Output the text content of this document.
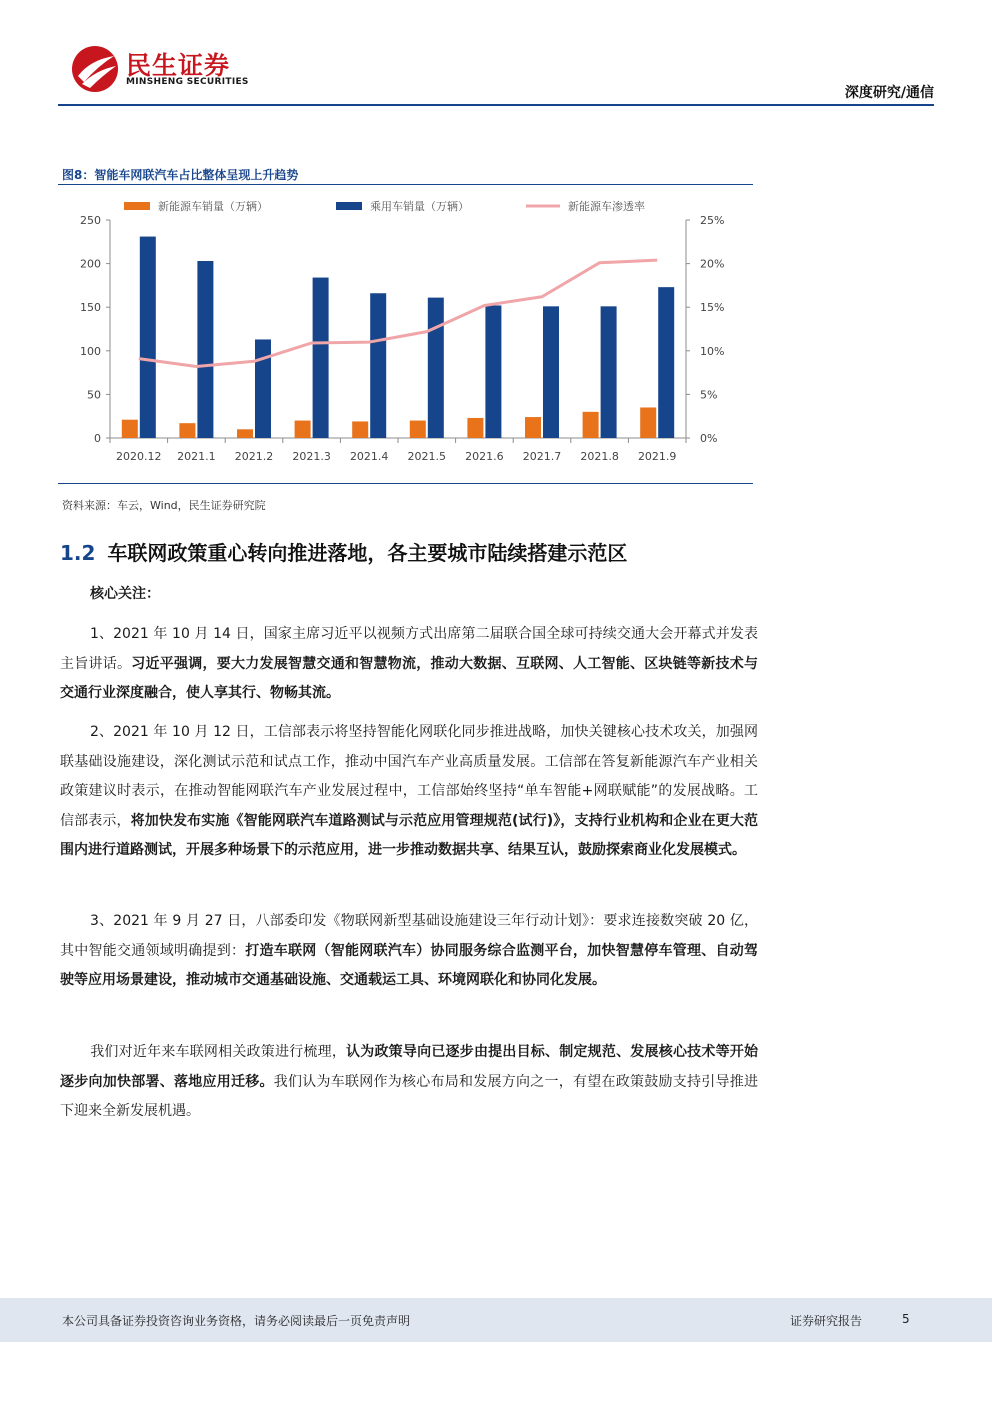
民生证券
MINSHENG SECURITIES
深度研究/通信
图8：智能车网联汽车占比整体呈现上升趋势
新能源车销量（万辆）	乘用车销量（万辆）	新能源车渗透率
0
50
100
150
200
250
0%
5%
10%
15%
20%
25%
2020.12 2021.1 2021.2 2021.3 2021.4 2021.5 2021.6 2021.7 2021.8 2021.9
资料来源：车云，Wind，民生证券研究院
1.2 车联网政策重心转向推进落地，各主要城市陆续搭建示范区

核心关注：

1、2021 年 10 月 14 日，国家主席习近平以视频方式出席第二届联合国全球可持续交通大会开幕式并发表主旨讲话。习近平强调，要大力发展智慧交通和智慧物流，推动大数据、互联网、人工智能、区块链等新技术与交通行业深度融合，使人享其行、物畅其流。

2、2021 年 10 月 12 日，工信部表示将坚持智能化网联化同步推进战略，加快关键核心技术攻关，加强网联基础设施建设，深化测试示范和试点工作，推动中国汽车产业高质量发展。工信部在答复新能源汽车产业相关政策建议时表示，在推动智能网联汽车产业发展过程中，工信部始终坚持“单车智能+网联赋能”的发展战略。工信部表示，将加快发布实施《智能网联汽车道路测试与示范应用管理规范(试行)》，支持行业机构和企业在更大范围内进行道路测试，开展多种场景下的示范应用，进一步推动数据共享、结果互认，鼓励探索商业化发展模式。

3、2021 年 9 月 27 日，八部委印发《物联网新型基础设施建设三年行动计划》：要求连接数突破 20 亿，其中智能交通领域明确提到：打造车联网（智能网联汽车）协同服务综合监测平台，加快智慧停车管理、自动驾驶等应用场景建设，推动城市交通基础设施、交通载运工具、环境网联化和协同化发展。

我们对近年来车联网相关政策进行梳理，认为政策导向已逐步由提出目标、制定规范、发展核心技术等开始逐步向加快部署、落地应用迁移。我们认为车联网作为核心布局和发展方向之一，有望在政策鼓励支持引导推进下迎来全新发展机遇。

本公司具备证券投资咨询业务资格，请务必阅读最后一页免责声明	证券研究报告	5
